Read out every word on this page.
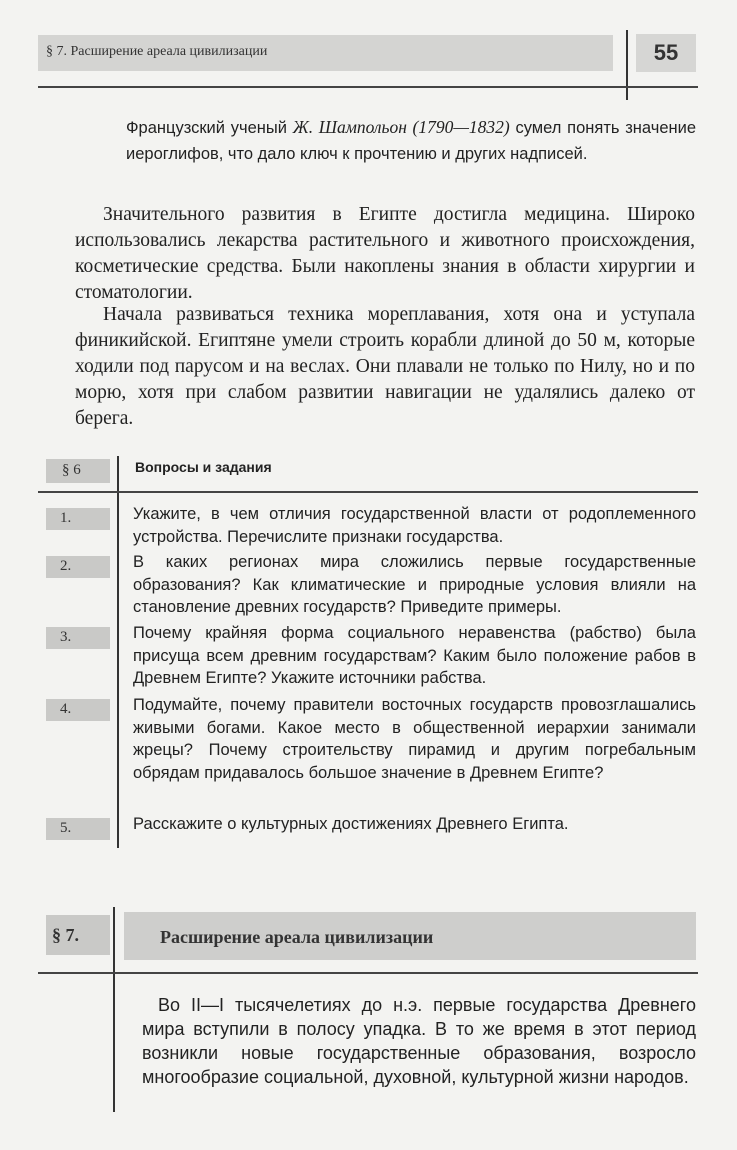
§ 7. Расширение ареала цивилизации	55
Французский ученый Ж. Шампольон (1790—1832) сумел понять значение иероглифов, что дало ключ к прочтению и других надписей.
Значительного развития в Египте достигла медицина. Широко использовались лекарства растительного и животного происхождения, косметические средства. Были накоплены знания в области хирургии и стоматологии.
Начала развиваться техника мореплавания, хотя она и уступала финикийской. Египтяне умели строить корабли длиной до 50 м, которые ходили под парусом и на веслах. Они плавали не только по Нилу, но и по морю, хотя при слабом развитии навигации не удалялись далеко от берега.
§ 6	Вопросы и задания
1.	Укажите, в чем отличия государственной власти от родоплеменного устройства. Перечислите признаки государства.
2.	В каких регионах мира сложились первые государственные образования? Как климатические и природные условия влияли на становление древних государств? Приведите примеры.
3.	Почему крайняя форма социального неравенства (рабство) была присуща всем древним государствам? Каким было положение рабов в Древнем Египте? Укажите источники рабства.
4.	Подумайте, почему правители восточных государств провозглашались живыми богами. Какое место в общественной иерархии занимали жрецы? Почему строительству пирамид и другим погребальным обрядам придавалось большое значение в Древнем Египте?
5.	Расскажите о культурных достижениях Древнего Египта.
§ 7.	Расширение ареала цивилизации
Во II—I тысячелетиях до н.э. первые государства Древнего мира вступили в полосу упадка. В то же время в этот период возникли новые государственные образования, возросло многообразие социальной, духовной, культурной жизни народов.
